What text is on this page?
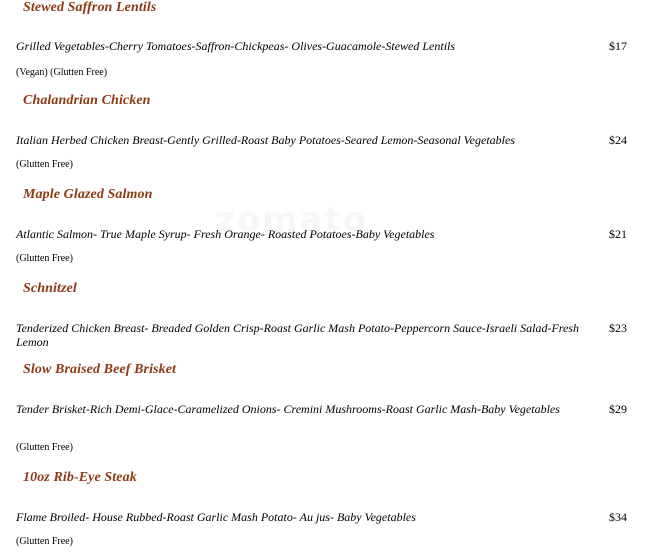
Stewed Saffron Lentils
Grilled Vegetables-Cherry Tomatoes-Saffron-Chickpeas- Olives-Guacamole-Stewed Lentils	$17
(Vegan) (Glutten Free)
Chalandrian Chicken
Italian Herbed Chicken Breast-Gently Grilled-Roast Baby Potatoes-Seared Lemon-Seasonal Vegetables	$24
(Glutten Free)
Maple Glazed Salmon
Atlantic Salmon- True Maple Syrup- Fresh Orange- Roasted Potatoes-Baby Vegetables	$21
(Glutten Free)
Schnitzel
Tenderized Chicken Breast- Breaded Golden Crisp-Roast Garlic Mash Potato-Peppercorn Sauce-Israeli Salad-Fresh Lemon
$23
Slow Braised Beef Brisket
Tender Brisket-Rich Demi-Glace-Caramelized Onions- Cremini Mushrooms-Roast Garlic Mash-Baby Vegetables	$29
(Glutten Free)
10oz Rib-Eye Steak
Flame Broiled- House Rubbed-Roast Garlic Mash Potato- Au jus- Baby Vegetables	$34
(Glutten Free)
